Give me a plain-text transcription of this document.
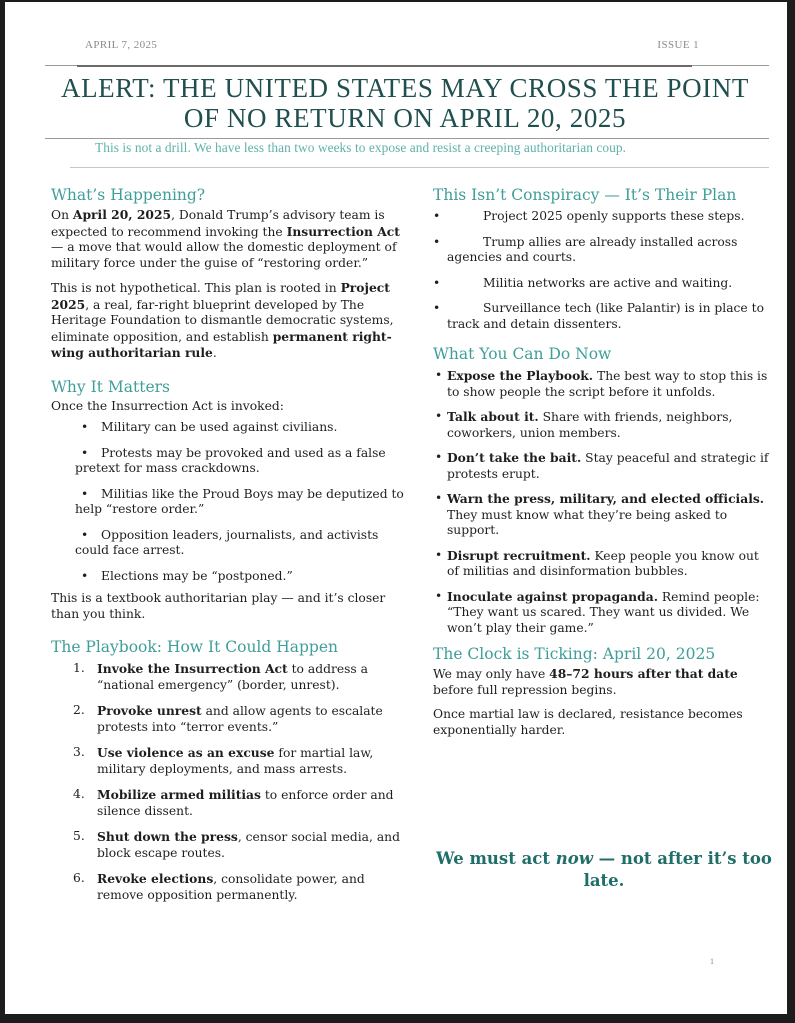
APRIL 7, 2025	ISSUE 1
ALERT: THE UNITED STATES MAY CROSS THE POINT
OF NO RETURN ON APRIL 20, 2025
This is not a drill. We have less than two weeks to expose and resist a creeping authoritarian coup.
What’s Happening?

On April 20, 2025, Donald Trump’s advisory team is expected to recommend invoking the Insurrection Act — a move that would allow the domestic deployment of military force under the guise of “restoring order.”

This is not hypothetical. This plan is rooted in Project 2025, a real, far-right blueprint developed by The Heritage Foundation to dismantle democratic systems, eliminate opposition, and establish permanent right-wing authoritarian rule.

Why It Matters

Once the Insurrection Act is invoked:

• Military can be used against civilians.
• Protests may be provoked and used as a false pretext for mass crackdowns.
• Militias like the Proud Boys may be deputized to help “restore order.”
• Opposition leaders, journalists, and activists could face arrest.
• Elections may be “postponed.”

This is a textbook authoritarian play — and it’s closer than you think.

The Playbook: How It Could Happen
1. Invoke the Insurrection Act to address a “national emergency” (border, unrest).
2. Provoke unrest and allow agents to escalate protests into “terror events.”
3. Use violence as an excuse for martial law, military deployments, and mass arrests.
4. Mobilize armed militias to enforce order and silence dissent.
5. Shut down the press, censor social media, and block escape routes.
6. Revoke elections, consolidate power, and remove opposition permanently.
This Isn’t Conspiracy — It’s Their Plan
•	Project 2025 openly supports these steps.
•	Trump allies are already installed across agencies and courts.
•	Militia networks are active and waiting.
•	Surveillance tech (like Palantir) is in place to track and detain dissenters.
What You Can Do Now
• Expose the Playbook. The best way to stop this is to show people the script before it unfolds.
• Talk about it. Share with friends, neighbors, coworkers, union members.
• Don’t take the bait. Stay peaceful and strategic if protests erupt.
• Warn the press, military, and elected officials. They must know what they’re being asked to support.
• Disrupt recruitment. Keep people you know out of militias and disinformation bubbles.
• Inoculate against propaganda. Remind people: “They want us scared. They want us divided. We won’t play their game.”
The Clock is Ticking: April 20, 2025

We may only have 48–72 hours after that date before full repression begins.

Once martial law is declared, resistance becomes exponentially harder.

We must act now — not after it’s too late.
1
